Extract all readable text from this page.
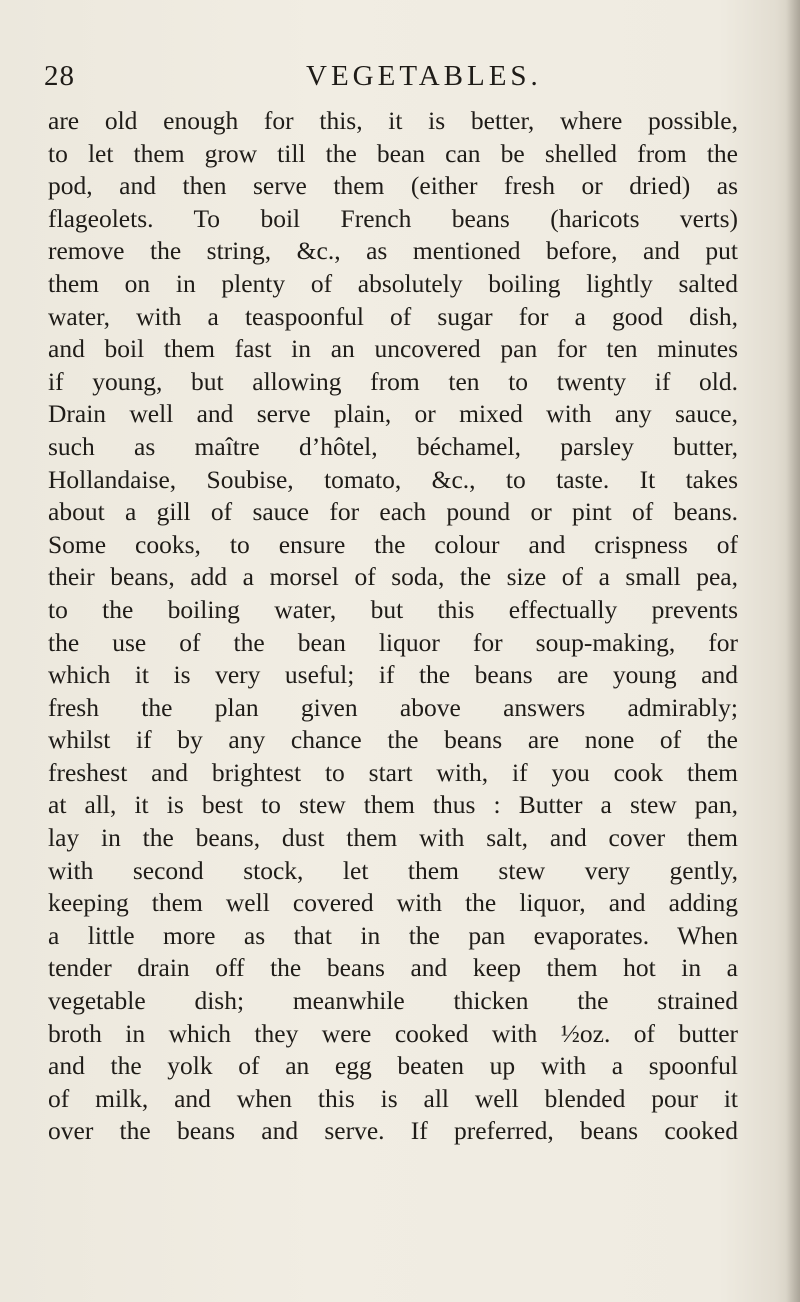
28	VEGETABLES.
are old enough for this, it is better, where possible,
to let them grow till the bean can be shelled from the
pod, and then serve them (either fresh or dried) as
flageolets. To boil French beans (haricots verts)
remove the string, &c., as mentioned before, and put
them on in plenty of absolutely boiling lightly salted
water, with a teaspoonful of sugar for a good dish,
and boil them fast in an uncovered pan for ten minutes
if young, but allowing from ten to twenty if old.
Drain well and serve plain, or mixed with any sauce,
such as maître d’hôtel, béchamel, parsley butter,
Hollandaise, Soubise, tomato, &c., to taste. It takes
about a gill of sauce for each pound or pint of beans.
Some cooks, to ensure the colour and crispness of
their beans, add a morsel of soda, the size of a small pea,
to the boiling water, but this effectually prevents
the use of the bean liquor for soup-making, for
which it is very useful; if the beans are young and
fresh the plan given above answers admirably;
whilst if by any chance the beans are none of the
freshest and brightest to start with, if you cook them
at all, it is best to stew them thus : Butter a stew pan,
lay in the beans, dust them with salt, and cover them
with second stock, let them stew very gently,
keeping them well covered with the liquor, and adding
a little more as that in the pan evaporates. When
tender drain off the beans and keep them hot in a
vegetable dish; meanwhile thicken the strained
broth in which they were cooked with ½oz. of butter
and the yolk of an egg beaten up with a spoonful
of milk, and when this is all well blended pour it
over the beans and serve. If preferred, beans cooked
